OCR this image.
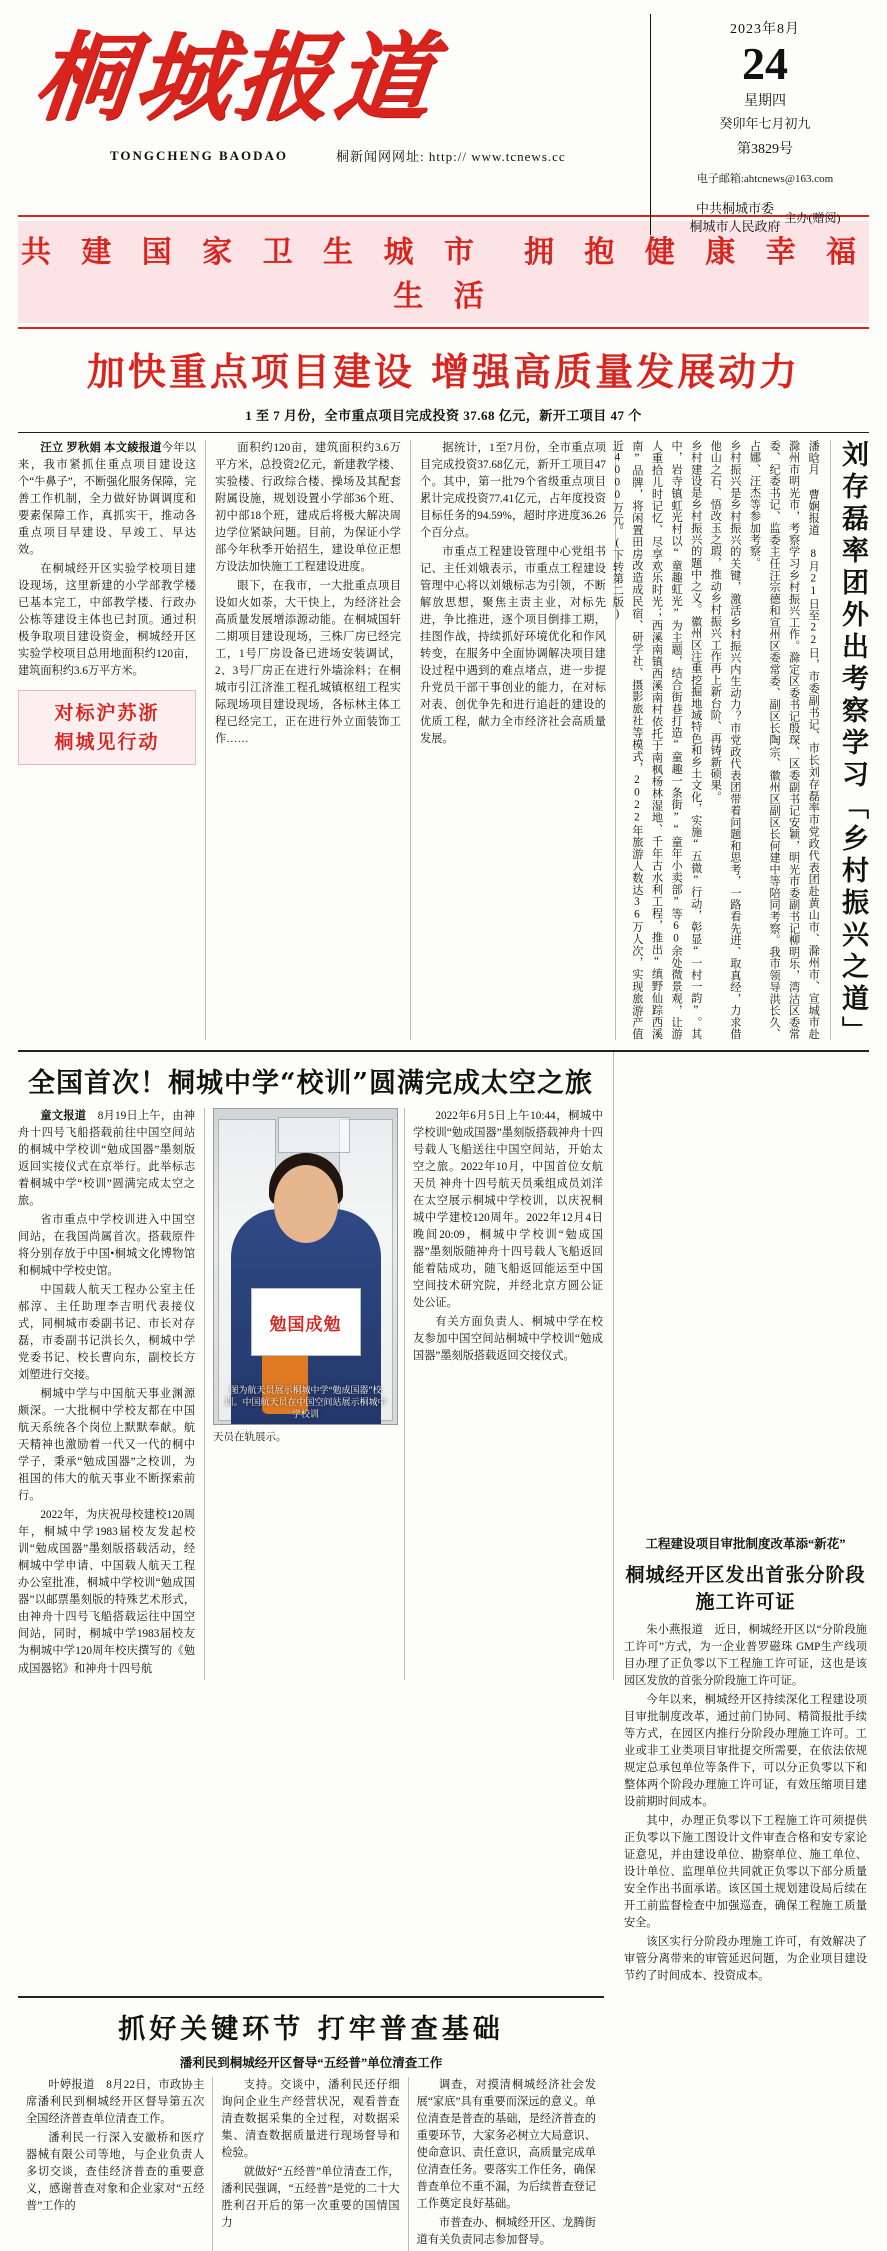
桐城报道
TONGCHENG BAODAO	桐新闻网网址: http:// www.tcnews.cc
2023年8月
24
星期四
癸卯年七月初九
第3829号
电子邮箱:ahtcnews@163.com
中共桐城市委
主办(赠阅)
共 建 国 家 卫 生 城 市　拥 抱 健 康 幸 福 生 活
加快重点项目建设 增强高质量发展动力
1 至 7 月份，全市重点项目完成投资 37.68 亿元，新开工项目 47 个

汪立 罗秋娟 本文綾报道今年以来，我市紧抓住重点项目建设这个“牛鼻子”，不断强化服务保障，完善工作机制，全力做好协调调度和要素保障工作，真抓实干，推动各重点项目早建设、早竣工、早达效。

在桐城经开区实验学校项目建设现场，这里新建的小学部教学楼已基本完工，中部教学楼、行政办公栋等建设主体也已封顶。通过积极争取项目建设资金，桐城经开区实验学校项目总用地面积约120亩，建筑面积约3.6万平方米。

对标沪苏浙
桐城见行动

面积约120亩，建筑面积约3.6万平方米，总投资2亿元，新建教学楼、实验楼、行政综合楼、操场及其配套附属设施，规划设置小学部36个班、初中部18个班，建成后将极大解决周边学位紧缺问题。目前，为保证小学部今年秋季开始招生，建设单位正想方设法加快施工工程建设进度。

眼下，在我市，一大批重点项目设如火如荼，大干快上，为经济社会高质量发展增添源动能。在桐城国轩二期项目建设现场，三株厂房已经完工，1号厂房设备已进场安装调试，2、3号厂房正在进行外墙涂料；在桐城市引江济淮工程孔城镇枢纽工程实际现场项目建设现场，各标林主体工程已经完工，正在进行外立面装饰工作……

据统计，1至7月份，全市重点项目完成投资37.68亿元，新开工项目47个。其中，第一批79个省级重点项目累计完成投资77.41亿元，占年度投资目标任务的94.59%，超时序进度36.26个百分点。

市重点工程建设管理中心党组书记、主任刘娥表示，市重点工程建设管理中心将以刘娥标志为引领，不断解放思想，聚焦主责主业，对标先进，争比推进，逐个项目倒排工期，挂图作战，持续抓好环境优化和作风转变，在服务中全面协调解决项目建设过程中遇到的难点堵点，进一步提升党员干部干事创业的能力，在对标对表、创优争先和进行追赶的建设的优质工程，献力全市经济社会高质量发展。	刘存磊率团外出考察学习「乡村振兴之道」

潘晗月 曹娴报道　8月21日至22日，市委副书记、市长刘存磊率市党政代表团赴黄山市、滁州市、宣城市赴滁州市明光市，考察学习乡村振兴工作。滁定区委书记殷琛、区委副书记安颖，明光市委副书记柳明乐，湾沽区委常委、纪委书记、监委主任汪宗德和宣州区委常委、副区长陶宗、徽州区副区长何建中等陪同考察。我市领导洪长久、占娜、汪杰等参加考察。

乡村振兴是乡村振兴的关键，激活乡村振兴内生动力？市党政代表团带着问题和思考，一路看先进、取真经，力求借他山之石、悟改玉之瑕，推动乡村振兴工作再上新台阶、再铸新硕果。

乡村建设是乡村振兴的题中之义。徽州区注重挖掘地域特色和乡土文化，实施“五微”行动，彰显“一村一韵”。其中，岩寺镇虹光村以“童趣虹光”为主题，结合街巷打造“童趣一条街”“童年小卖部”等60余处微景观，让游人重拾儿时记忆、尽享欢乐时光；西溪南镇西溪南村依托于南枫杨林湿地、千年古水利工程，推出“缜野仙踪西溪南”品牌，将闲置田房改造成民宿、研学社、摄影旅社等模式，2022年旅游人数达36万人次，实现旅游产值近4000万元。(下转第二版)

全国首次！桐城中学“校训”圆满完成太空之旅

童文报道　 8月19日上午，由神舟十四号飞船搭载前往中国空间站的桐城中学校训“勉成国器”墨刻版返回实接仪式在京举行。此举标志着桐城中学“校训”圆满完成太空之旅。

省市重点中学校训进入中国空间站，在我国尚属首次。搭载原件将分别存放于中国•桐城文化博物馆和桐城中学校史馆。

中国载人航天工程办公室主任郝淳、主任助理李吉明代表接仪式，同桐城市委副书记、市长对存磊，市委副书记洪长久，桐城中学党委书记、校长曹向东，副校长方刘塑进行交接。

桐城中学与中国航天事业渊源颇深。一大批桐中学校友都在中国航天系统各个岗位上默默奉献。航天精神也激励着一代又一代的桐中学子，秉承“勉成国器”之校训，为祖国的伟大的航天事业不断探索前行。

2022年，为庆祝母校建校120周年，桐城中学1983届校友发起校训“勉成国器”墨刻版搭载活动，经桐城中学申请、中国载人航天工程办公室批准，桐城中学校训“勉成国器”以邮票墨刻版的特殊艺术形式，由神舟十四号飞船搭载运往中国空间站，同时，桐城中学1983届校友为桐城中学120周年校庆撰写的《勉成国器铭》和神舟十四号航

勉国成勉
图为航天员展示桐城中学“勉成国器”校训。中国航天员在中国空间站展示桐城中学校训
天员在轨展示。

2022年6月5日上午10:44，桐城中学校训“勉成国器”墨刻版搭载神舟十四号载人飞船送往中国空间站，开始太空之旅。2022年10月，中国首位女航天员 神舟十四号航天员乘组成员刘洋在太空展示桐城中学校训，以庆祝桐城中学建校120周年。2022年12月4日晚间20:09，桐城中学校训“勉成国器”墨刻版随神舟十四号载人飞船返回能着陆成功，随飞船返回能运至中国空间技术研究院，并经北京方圆公证处公证。

有关方面负责人、桐城中学在校友参加中国空间站桐城中学校训“勉成国器”墨刻版搭载返回交接仪式。

工程建设项目审批制度改革添“新花”
桐城经开区发出首张分阶段施工许可证

朱小燕报道　近日，桐城经开区以“分阶段施工许可”方式，为一企业普罗磁珠 GMP生产线项目办理了正负零以下工程施工许可证，这也是该园区发放的首张分阶段施工许可证。

今年以来，桐城经开区持续深化工程建设项目审批制度改革，通过前门协同、精简报批手续等方式，在园区内推行分阶段办理施工许可。工业或非工业类项目审批提交所需要，在依法依规规定总承包单位等条件下，可以分正负零以下和整体两个阶段办理施工许可证，有效压缩项目建设前期时间成本。

其中，办理正负零以下工程施工许可须提供正负零以下施工图设计文件审查合格和安专家论证意见，并由建设单位、勘察单位、施工单位、设计单位、监理单位共同就正负零以下部分质量安全作出书面承诺。该区国土规划建设局后续在开工前监督检查中加强巡查，确保工程施工质量安全。

该区实行分阶段办理施工许可，有效解决了审管分离带来的审管延迟问题，为企业项目建设节约了时间成本、投资成本。

抓好关键环节 打牢普查基础
潘利民到桐城经开区督导“五经普”单位清查工作

叶婷报道　8月22日，市政协主席潘利民到桐城经开区督导第五次全国经济普查单位清查工作。

潘利民一行深入安徽桥和医疗器械有限公司等地，与企业负责人多切交谈，查佳经济普查的重要意义，感谢普查对象和企业家对“五经普”工作的

支持。交谈中，潘利民还仔细询问企业生产经营状况，观看普查清查数据采集的全过程，对数据采集、清查数据质量进行现场督导和检验。

就做好“五经普”单位清查工作，潘利民强调，“五经普”是党的二十大胜利召开后的第一次重要的国情国力

调查，对摸清桐城经济社会发展“家底”具有重要而深远的意义。单位清查是普查的基础，是经济普查的重要环节，大家务必树立大局意识、使命意识、责任意识，高质量完成单位清查任务。要落实工作任务，确保普查单位不重不漏，为后续普查登记工作奠定良好基础。

市普查办、桐城经开区、龙腾街道有关负责同志参加督导。
